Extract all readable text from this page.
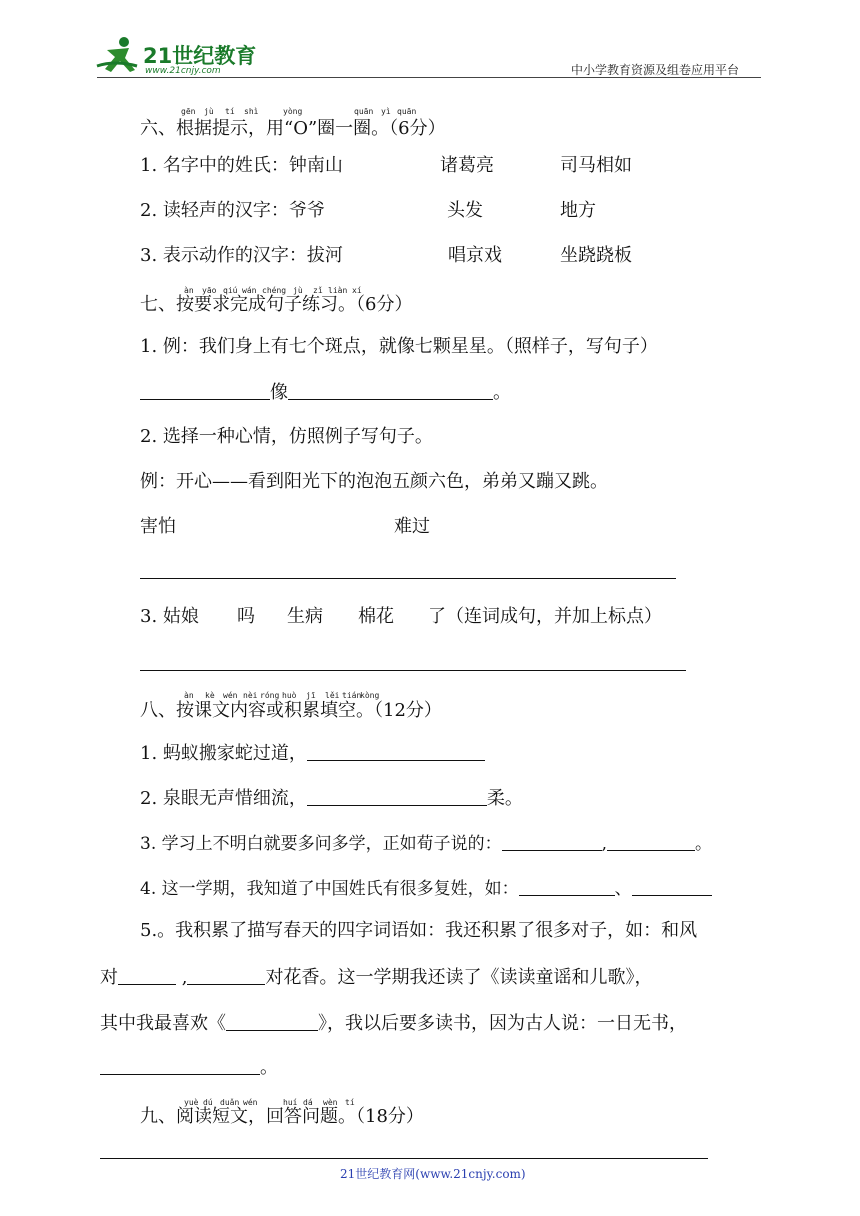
21世纪教育
www.21cnjy.com	中小学教育资源及组卷应用平台
gēn jù tí shì	yòng	quān yì quān
六、根据提示，用“O”圈一圈。（6分）
1. 名字中的姓氏：钟南山	诸葛亮	司马相如
2. 读轻声的汉字：爷爷	头发	地方
3. 表示动作的汉字：拔河	唱京戏	坐跷跷板
àn yāo qiú wán chéng jù zǐ liàn xí
七、按要求完成句子练习。（6分）
1. 例：我们身上有七个斑点，就像七颗星星。（照样子，写句子）
像	。
2. 选择一种心情，仿照例子写句子。
例：开心——看到阳光下的泡泡五颜六色，弟弟又蹦又跳。
害怕	难过
3. 姑娘 吗 生病 棉花 了（连词成句，并加上标点）
àn kè wén nèi róng huò jī lěi tián
kòng
八、按课文内容或积累填空。（12分）
1. 蚂蚁搬家蛇过道，
2. 泉眼无声惜细流，	柔。
3. 学习上不明白就要多问多学，正如荀子说的：	,	。
4. 这一学期，我知道了中国姓氏有很多复姓，如：	、
5.。我积累了描写春天的四字词语如：我还积累了很多对子，如：和风
对	,	对花香。这一学期我还读了《读读童谣和儿歌》，
其中我最喜欢《	》，我以后要多读书，因为古人说：一日无书，
。
yuè dú duǎn wén	huí dá wèn tí
九、阅读短文，回答问题。（18分）
21世纪教育网(www.21cnjy.com)
